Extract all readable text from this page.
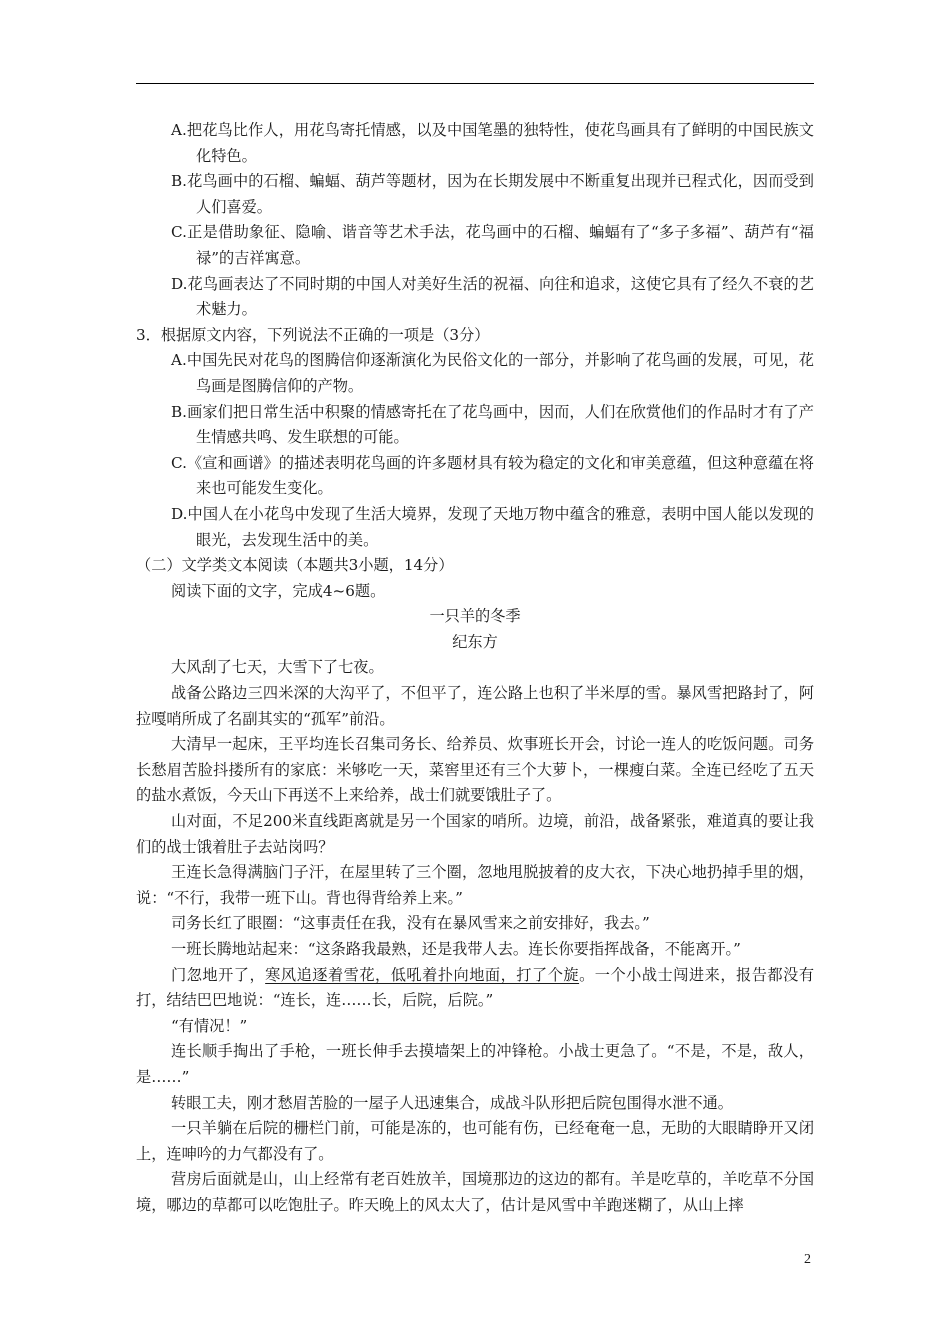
A.把花鸟比作人，用花鸟寄托情感，以及中国笔墨的独特性，使花鸟画具有了鲜明的中国民族文化特色。

B.花鸟画中的石榴、蝙蝠、葫芦等题材，因为在长期发展中不断重复出现并已程式化，因而受到人们喜爱。

C.正是借助象征、隐喻、谐音等艺术手法，花鸟画中的石榴、蝙蝠有了“多子多福”、葫芦有“福禄”的吉祥寓意。

D.花鸟画表达了不同时期的中国人对美好生活的祝福、向往和追求，这使它具有了经久不衰的艺术魅力。

3．根据原文内容，下列说法不正确的一项是（3分）

A.中国先民对花鸟的图腾信仰逐渐演化为民俗文化的一部分，并影响了花鸟画的发展，可见，花鸟画是图腾信仰的产物。

B.画家们把日常生活中积聚的情感寄托在了花鸟画中，因而，人们在欣赏他们的作品时才有了产生情感共鸣、发生联想的可能。

C.《宣和画谱》的描述表明花鸟画的许多题材具有较为稳定的文化和审美意蕴，但这种意蕴在将来也可能发生变化。

D.中国人在小花鸟中发现了生活大境界，发现了天地万物中蕴含的雅意，表明中国人能以发现的眼光，去发现生活中的美。

（二）文学类文本阅读（本题共3小题，14分）

阅读下面的文字，完成4~6题。

一只羊的冬季

纪东方

大风刮了七天，大雪下了七夜。

战备公路边三四米深的大沟平了，不但平了，连公路上也积了半米厚的雪。暴风雪把路封了，阿拉嘎哨所成了名副其实的“孤军”前沿。

大清早一起床，王平均连长召集司务长、给养员、炊事班长开会，讨论一连人的吃饭问题。司务长愁眉苦脸抖搂所有的家底：米够吃一天，菜窖里还有三个大萝卜，一棵瘦白菜。全连已经吃了五天的盐水煮饭，今天山下再送不上来给养，战士们就要饿肚子了。

山对面，不足200米直线距离就是另一个国家的哨所。边境，前沿，战备紧张，难道真的要让我们的战士饿着肚子去站岗吗？

王连长急得满脑门子汗，在屋里转了三个圈，忽地甩脱披着的皮大衣，下决心地扔掉手里的烟，说：“不行，我带一班下山。背也得背给养上来。”

司务长红了眼圈：“这事责任在我，没有在暴风雪来之前安排好，我去。”

一班长腾地站起来：“这条路我最熟，还是我带人去。连长你要指挥战备，不能离开。”

门忽地开了，寒风追逐着雪花，低吼着扑向地面，打了个旋。一个小战士闯进来，报告都没有打，结结巴巴地说：“连长，连……长，后院，后院。”

“有情况！”

连长顺手掏出了手枪，一班长伸手去摸墙架上的冲锋枪。小战士更急了。“不是，不是，敌人，是……”

转眼工夫，刚才愁眉苦脸的一屋子人迅速集合，成战斗队形把后院包围得水泄不通。

一只羊躺在后院的栅栏门前，可能是冻的，也可能有伤，已经奄奄一息，无助的大眼睛睁开又闭上，连呻吟的力气都没有了。

营房后面就是山，山上经常有老百姓放羊，国境那边的这边的都有。羊是吃草的，羊吃草不分国境，哪边的草都可以吃饱肚子。昨天晚上的风太大了，估计是风雪中羊跑迷糊了，从山上摔

2
